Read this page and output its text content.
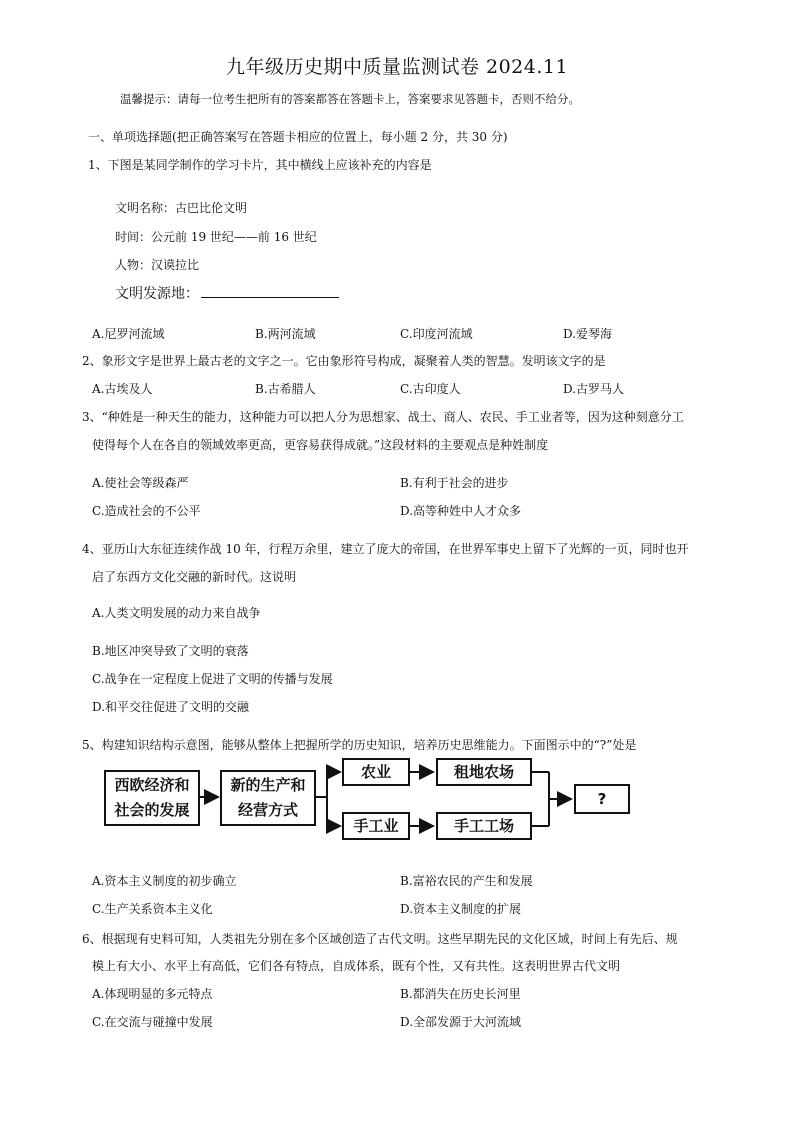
九年级历史期中质量监测试卷 2024.11
温馨提示：请每一位考生把所有的答案都答在答题卡上，答案要求见答题卡，否则不给分。
一、单项选择题(把正确答案写在答题卡相应的位置上，每小题 2 分，共 30 分)
1、下图是某同学制作的学习卡片，其中横线上应该补充的内容是
文明名称：古巴比伦文明
时间：公元前 19 世纪——前 16 世纪
人物：汉谟拉比
文明发源地：
A.尼罗河流域	B.两河流域	C.印度河流域	D.爱琴海
2、象形文字是世界上最古老的文字之一。它由象形符号构成，凝聚着人类的智慧。发明该文字的是
A.古埃及人	B.古希腊人	C.古印度人	D.古罗马人
3、“种姓是一种天生的能力，这种能力可以把人分为思想家、战士、商人、农民、手工业者等，因为这种刻意分工
使得每个人在各自的领域效率更高，更容易获得成就。”这段材料的主要观点是种姓制度
A.使社会等级森严	B.有利于社会的进步
C.造成社会的不公平	D.高等种姓中人才众多
4、亚历山大东征连续作战 10 年，行程万余里，建立了庞大的帝国，在世界军事史上留下了光辉的一页，同时也开
启了东西方文化交融的新时代。这说明
A.人类文明发展的动力来自战争
B.地区冲突导致了文明的衰落
C.战争在一定程度上促进了文明的传播与发展
D.和平交往促进了文明的交融
5、构建知识结构示意图，能够从整体上把握所学的历史知识，培养历史思维能力。下面图示中的“?”处是
西欧经济和
社会的发展
新的生产和
经营方式
农业	租地农场
手工业	手工工场
?
A.资本主义制度的初步确立	B.富裕农民的产生和发展
C.生产关系资本主义化	D.资本主义制度的扩展
6、根据现有史料可知，人类祖先分别在多个区域创造了古代文明。这些早期先民的文化区域，时间上有先后、规
模上有大小、水平上有高低，它们各有特点，自成体系，既有个性，又有共性。这表明世界古代文明
A.体现明显的多元特点	B.都消失在历史长河里
C.在交流与碰撞中发展	D.全部发源于大河流域
